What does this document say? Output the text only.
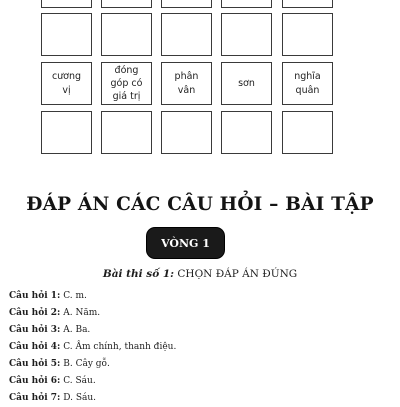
cương vị
đóng góp có giá trị
phân vân
sơn
nghĩa quân
ĐÁP ÁN CÁC CÂU HỎI – BÀI TẬP
VÒNG 1
Bài thi số 1: CHỌN ĐÁP ÁN ĐÚNG
Câu hỏi 1: C. m.
Câu hỏi 2: A. Năm.
Câu hỏi 3: A. Ba.
Câu hỏi 4: C. Âm chính, thanh điệu.
Câu hỏi 5: B. Cây gỗ.
Câu hỏi 6: C. Sáu.
Câu hỏi 7: D. Sáu.
